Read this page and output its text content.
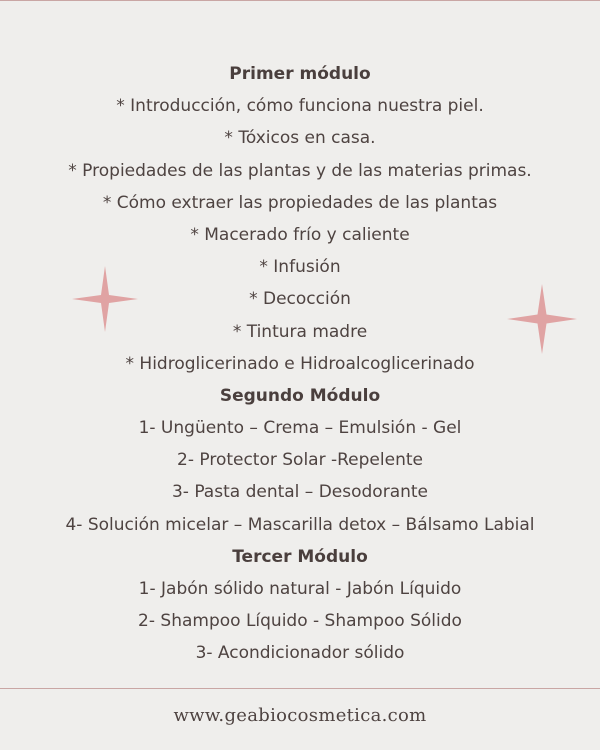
Primer módulo
* Introducción, cómo funciona nuestra piel.
* Tóxicos en casa.
* Propiedades de las plantas y de las materias primas.
* Cómo extraer las propiedades de las plantas
* Macerado frío y caliente
* Infusión
* Decocción
* Tintura madre
* Hidroglicerinado e Hidroalcoglicerinado
Segundo Módulo
1- Ungüento – Crema – Emulsión - Gel
2- Protector Solar -Repelente
3- Pasta dental – Desodorante
4- Solución micelar – Mascarilla detox – Bálsamo Labial
Tercer Módulo
1- Jabón sólido natural - Jabón Líquido
2- Shampoo Líquido - Shampoo Sólido
3- Acondicionador sólido
www.geabiocosmetica.com
